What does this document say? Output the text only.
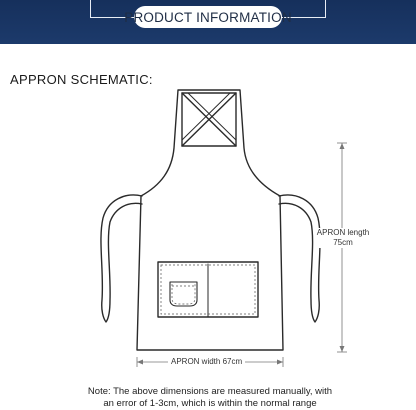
PRODUCT INFORMATION
APPRON SCHEMATIC:
APRON length
75cm
APRON width 67cm
Note: The above dimensions are measured manually, with
an error of 1-3cm, which is within the normal range
